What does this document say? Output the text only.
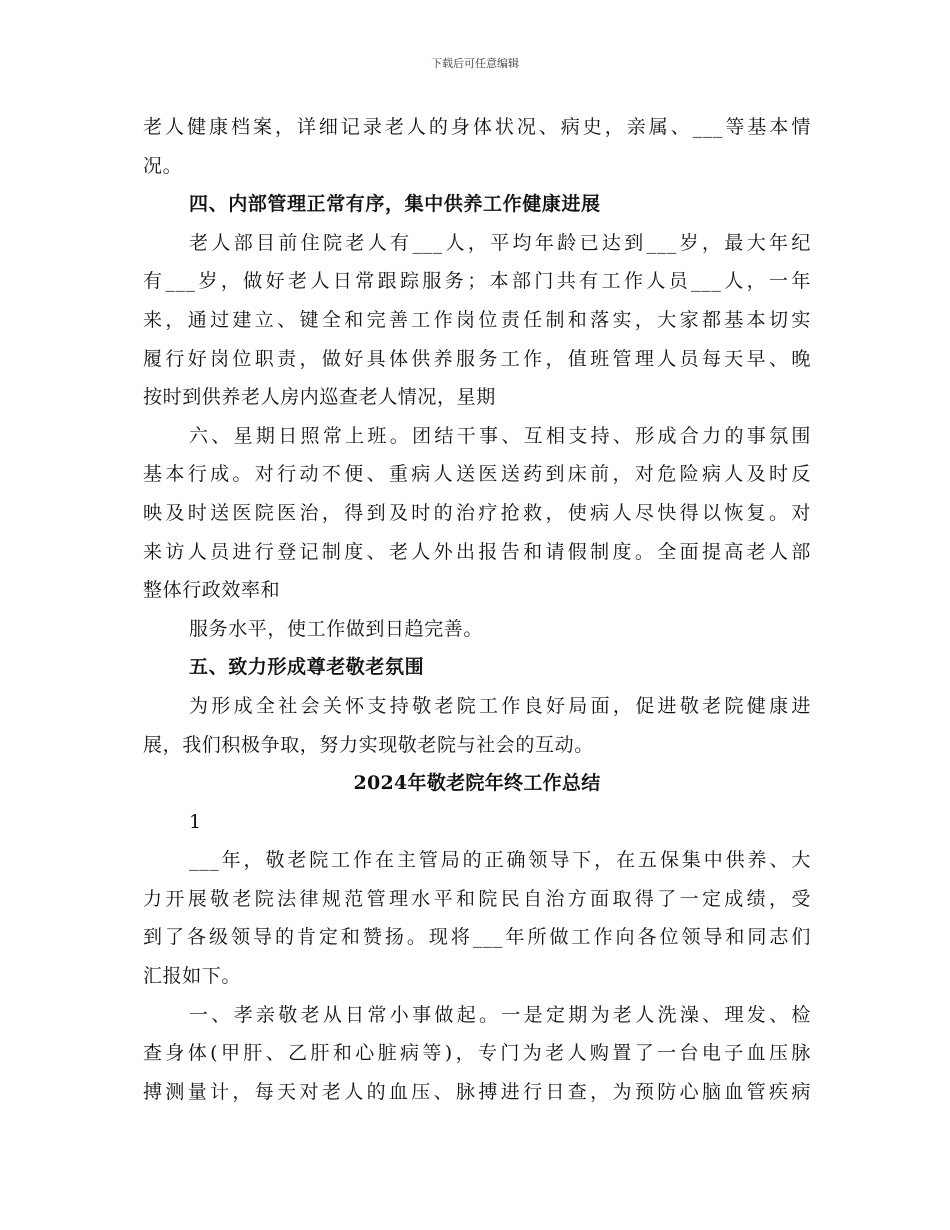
下载后可任意编辑
老人健康档案，详细记录老人的身体状况、病史，亲属、___等基本情
况。
四、内部管理正常有序，集中供养工作健康进展
老人部目前住院老人有___人，平均年龄已达到___岁，最大年纪
有___岁，做好老人日常跟踪服务；本部门共有工作人员___人，一年
来，通过建立、键全和完善工作岗位责任制和落实，大家都基本切实
履行好岗位职责，做好具体供养服务工作，值班管理人员每天早、晚
按时到供养老人房内巡查老人情况，星期
六、星期日照常上班。团结干事、互相支持、形成合力的事氛围
基本行成。对行动不便、重病人送医送药到床前，对危险病人及时反
映及时送医院医治，得到及时的治疗抢救，使病人尽快得以恢复。对
来访人员进行登记制度、老人外出报告和请假制度。全面提高老人部
整体行政效率和
服务水平，使工作做到日趋完善。
五、致力形成尊老敬老氛围
为形成全社会关怀支持敬老院工作良好局面，促进敬老院健康进
展，我们积极争取，努力实现敬老院与社会的互动。
2024年敬老院年终工作总结
1
___年，敬老院工作在主管局的正确领导下，在五保集中供养、大
力开展敬老院法律规范管理水平和院民自治方面取得了一定成绩，受
到了各级领导的肯定和赞扬。现将___年所做工作向各位领导和同志们
汇报如下。
一、孝亲敬老从日常小事做起。一是定期为老人洗澡、理发、检
查身体(甲肝、乙肝和心脏病等)，专门为老人购置了一台电子血压脉
搏测量计，每天对老人的血压、脉搏进行日查，为预防心脑血管疾病
